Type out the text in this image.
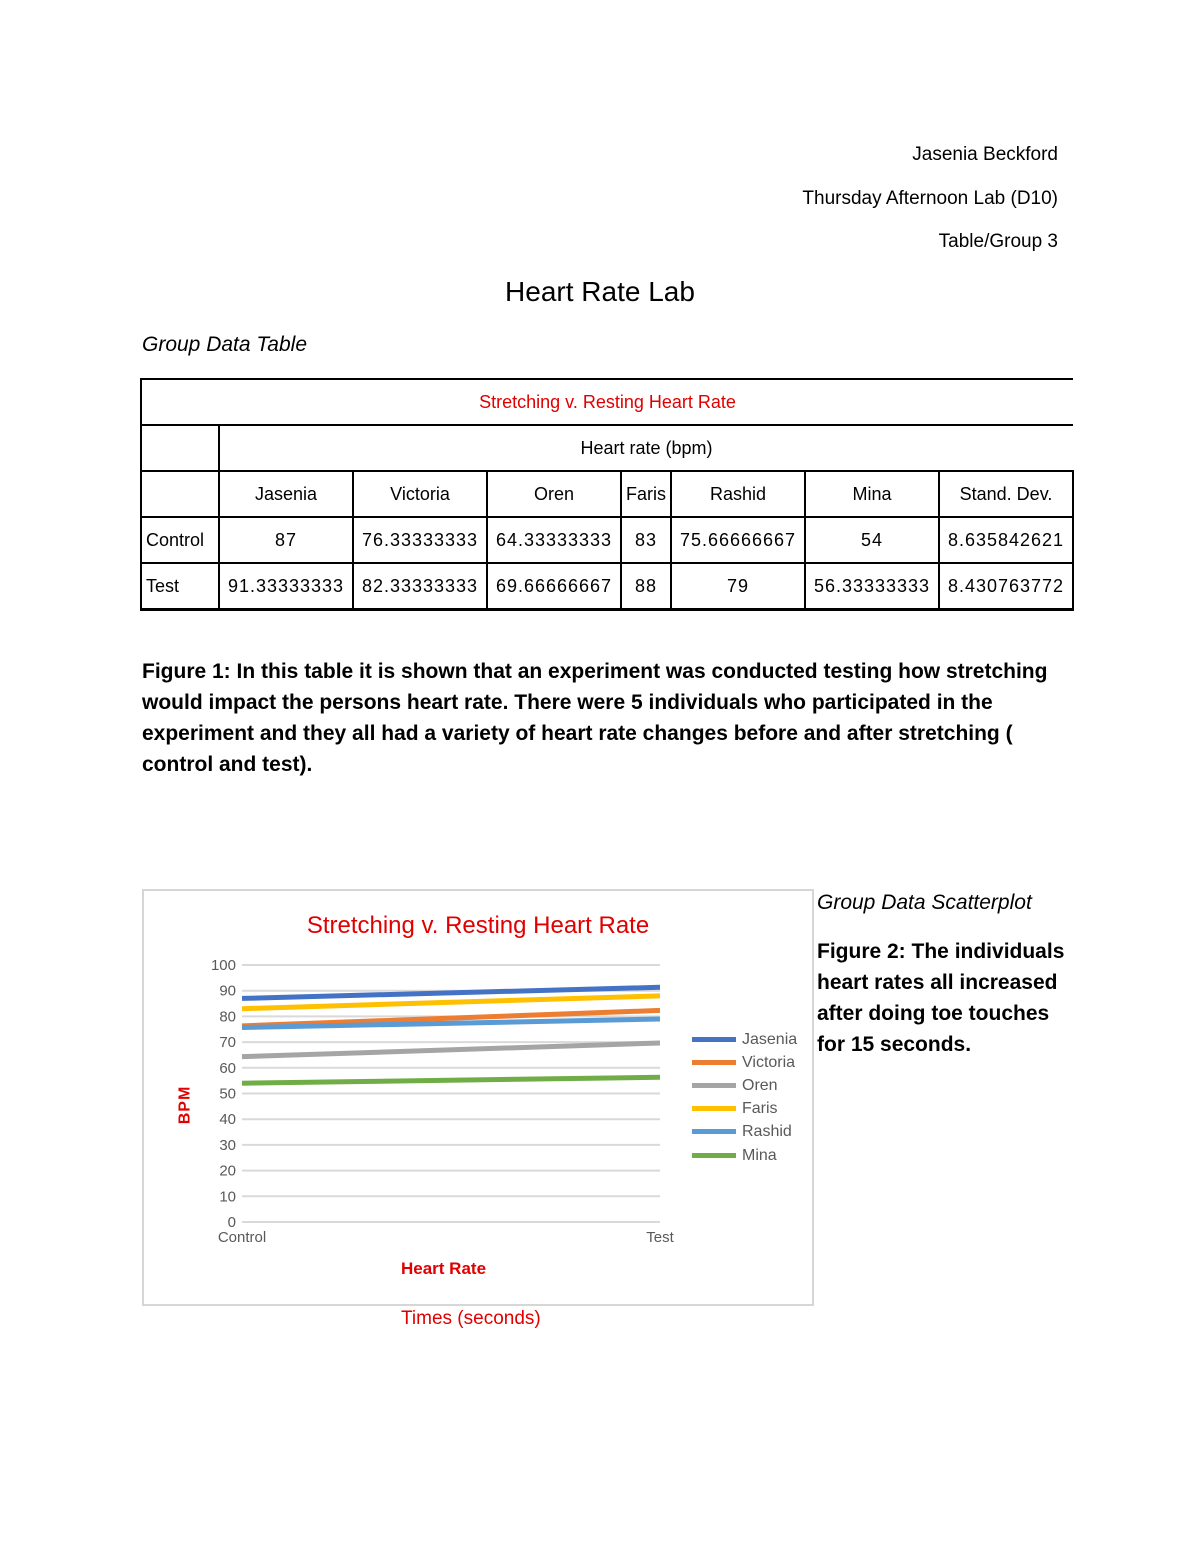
Jasenia Beckford
Thursday Afternoon Lab (D10)
Table/Group 3
Heart Rate Lab
Group Data Table
Stretching v. Resting Heart Rate							
	Heart rate (bpm)						
	Jasenia	Victoria	Oren	Faris	Rashid	Mina	Stand. Dev.
Control	87	76.33333333	64.33333333	83	75.66666667	54	8.635842621
Test	91.33333333	82.33333333	69.66666667	88	79	56.33333333	8.430763772
Figure 1: In this table it is shown that an experiment was conducted testing how stretching would impact the persons heart rate. There were 5 individuals who participated in the experiment and they all had a variety of heart rate changes before and after stretching ( control and test).
Stretching v. Resting Heart Rate
0
10
20
30
40
50
60
70
80
90
100
Control	Test
BPM
Heart Rate
Jasenia
Victoria
Oren
Faris
Rashid
Mina
Times (seconds)
Group Data Scatterplot
Figure 2: The individuals heart rates all increased after doing toe touches for 15 seconds.
